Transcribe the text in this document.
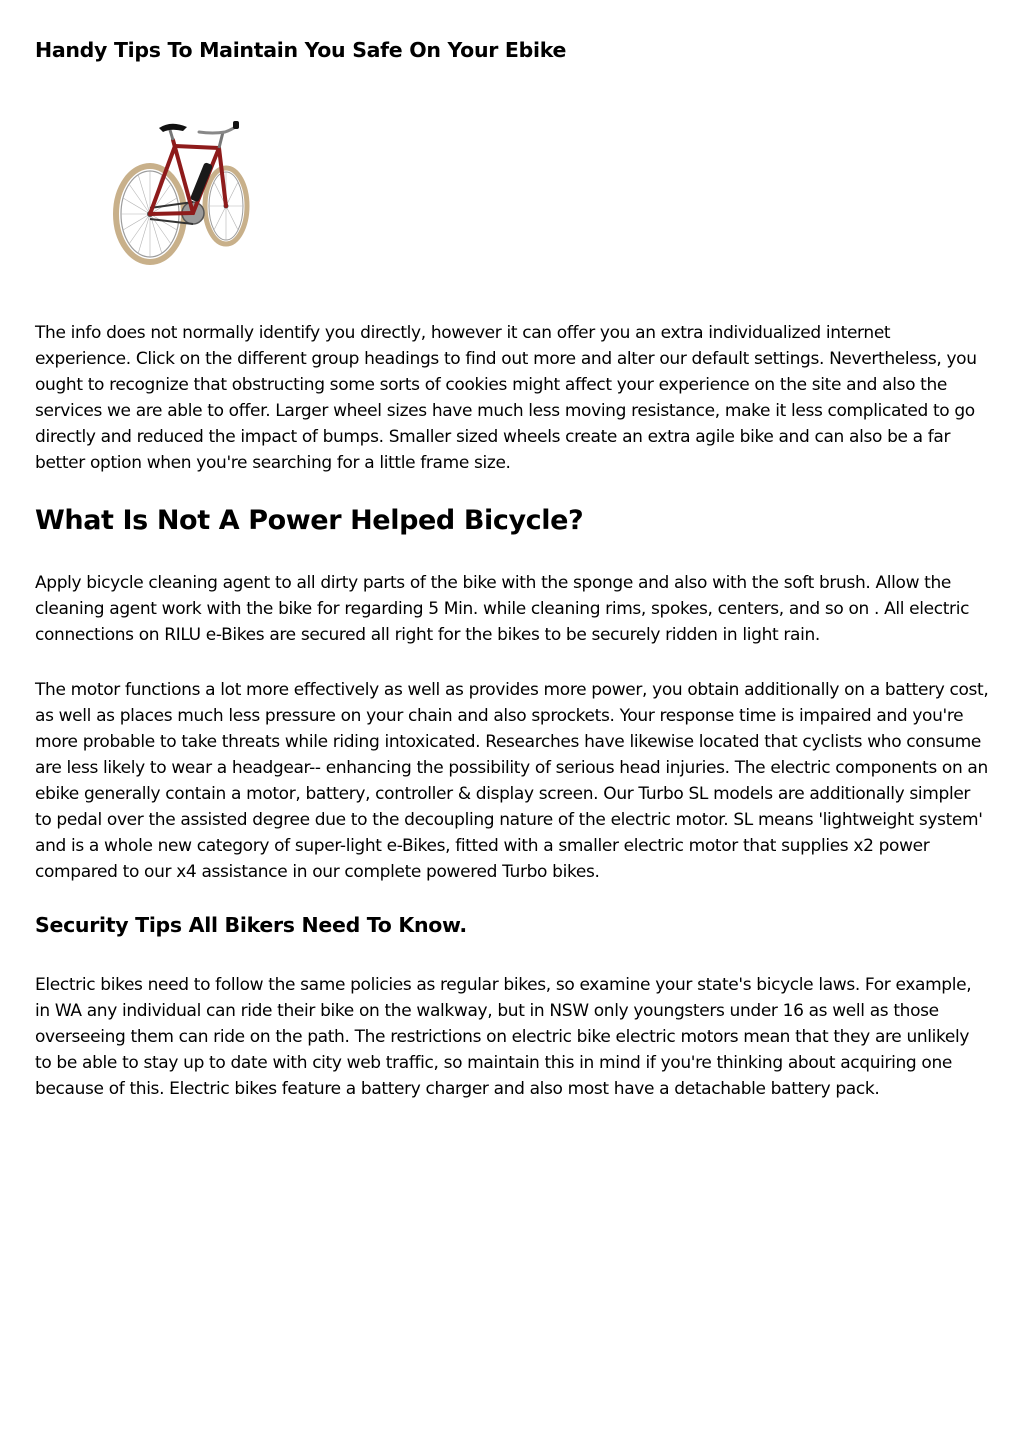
Handy Tips To Maintain You Safe On Your Ebike

The info does not normally identify you directly, however it can offer you an extra individualized internet experience. Click on the different group headings to find out more and alter our default settings. Nevertheless, you ought to recognize that obstructing some sorts of cookies might affect your experience on the site and also the services we are able to offer. Larger wheel sizes have much less moving resistance, make it less complicated to go directly and reduced the impact of bumps. Smaller sized wheels create an extra agile bike and can also be a far better option when you're searching for a little frame size.

What Is Not A Power Helped Bicycle?

Apply bicycle cleaning agent to all dirty parts of the bike with the sponge and also with the soft brush. Allow the cleaning agent work with the bike for regarding 5 Min. while cleaning rims, spokes, centers, and so on . All electric connections on RILU e-Bikes are secured all right for the bikes to be securely ridden in light rain.

The motor functions a lot more effectively as well as provides more power, you obtain additionally on a battery cost, as well as places much less pressure on your chain and also sprockets. Your response time is impaired and you're more probable to take threats while riding intoxicated. Researches have likewise located that cyclists who consume are less likely to wear a headgear-- enhancing the possibility of serious head injuries. The electric components on an ebike generally contain a motor, battery, controller & display screen. Our Turbo SL models are additionally simpler to pedal over the assisted degree due to the decoupling nature of the electric motor. SL means 'lightweight system' and is a whole new category of super-light e-Bikes, fitted with a smaller electric motor that supplies x2 power compared to our x4 assistance in our complete powered Turbo bikes.

Security Tips All Bikers Need To Know.

Electric bikes need to follow the same policies as regular bikes, so examine your state's bicycle laws. For example, in WA any individual can ride their bike on the walkway, but in NSW only youngsters under 16 as well as those overseeing them can ride on the path. The restrictions on electric bike electric motors mean that they are unlikely to be able to stay up to date with city web traffic, so maintain this in mind if you're thinking about acquiring one because of this. Electric bikes feature a battery charger and also most have a detachable battery pack.
